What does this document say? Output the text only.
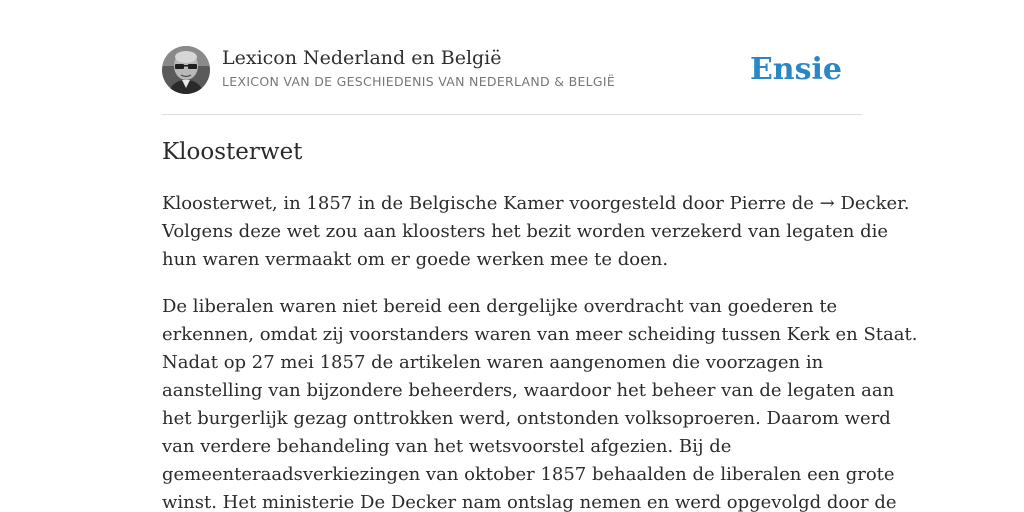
Lexicon Nederland en België
LEXICON VAN DE GESCHIEDENIS VAN NEDERLAND & BELGIË	Ensie
Kloosterwet

Kloosterwet, in 1857 in de Belgische Kamer voorgesteld door Pierre de → Decker.
Volgens deze wet zou aan kloosters het bezit worden verzekerd van legaten die
hun waren vermaakt om er goede werken mee te doen.

De liberalen waren niet bereid een dergelijke overdracht van goederen te
erkennen, omdat zij voorstanders waren van meer scheiding tussen Kerk en Staat.
Nadat op 27 mei 1857 de artikelen waren aangenomen die voorzagen in
aanstelling van bijzondere beheerders, waardoor het beheer van de legaten aan
het burgerlijk gezag onttrokken werd, ontstonden volksoproeren. Daarom werd
van verdere behandeling van het wetsvoorstel afgezien. Bij de
gemeenteraadsverkiezingen van oktober 1857 behaalden de liberalen een grote
winst. Het ministerie De Decker nam ontslag nemen en werd opgevolgd door de
